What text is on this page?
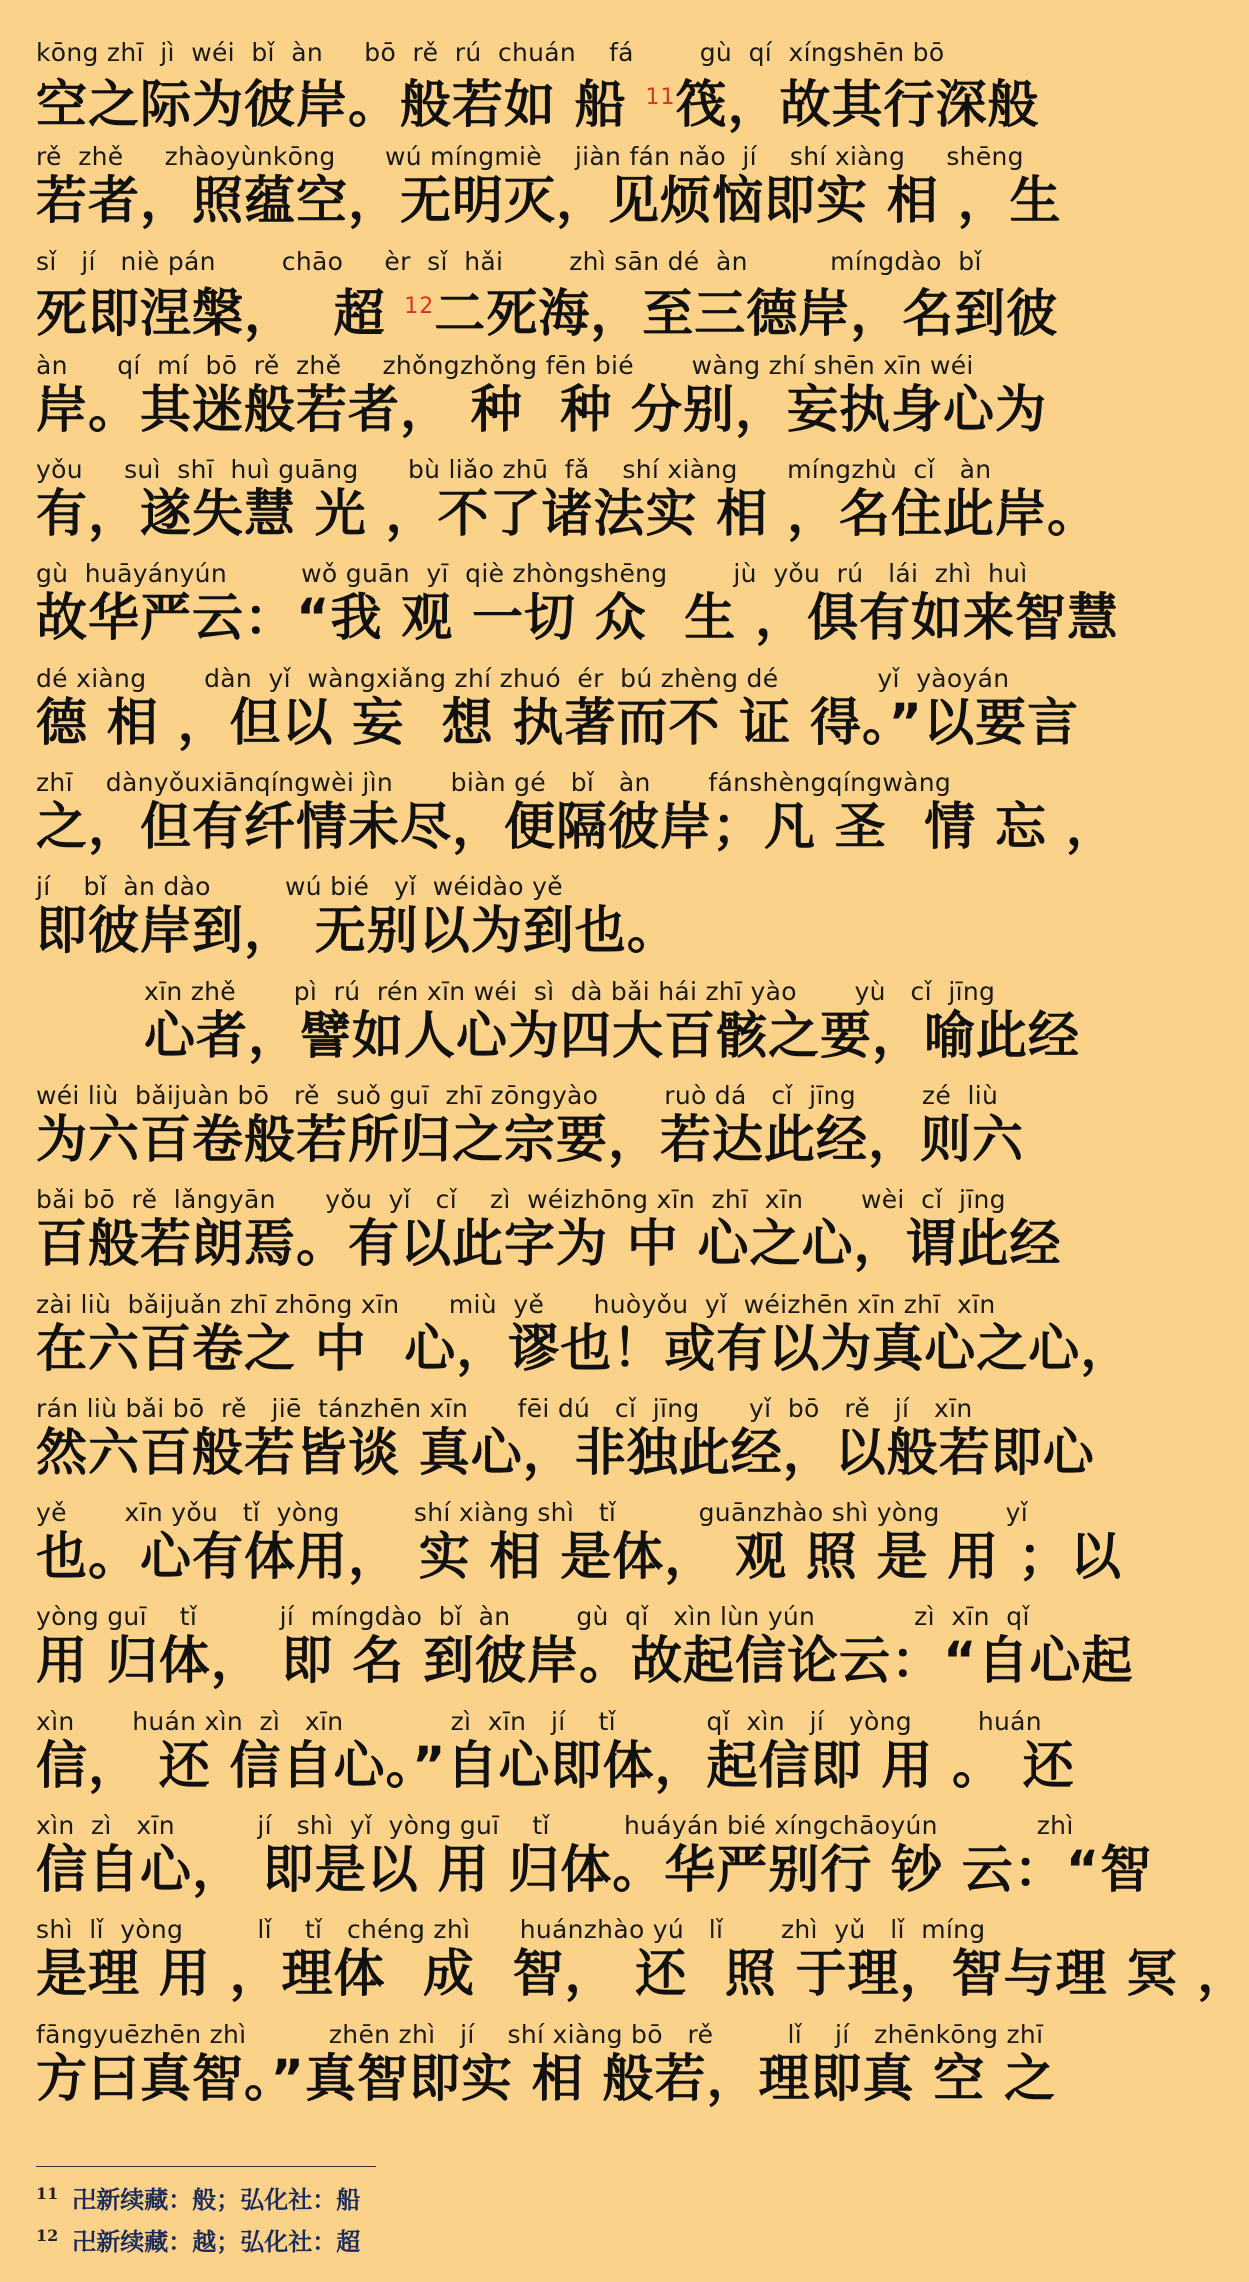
kōng zhī  jì  wéi  bǐ  àn     bō  rě  rú  chuán    fá        gù  qí  xíngshēn bō
空之际为彼岸。般若如 船 $^{11}$筏，故其行深般
rě  zhě     zhàoyùnkōng      wú míngmiè    jiàn fán nǎo  jí    shí xiàng     shēng
若者，照蕴空，无明灭，见烦恼即实 相 ，生
sǐ   jí   niè pán        chāo     èr  sǐ  hǎi        zhì sān dé  àn          míngdào  bǐ
死即涅槃，  超 $^{12}$二死海，至三德岸，名到彼
àn      qí  mí  bō  rě  zhě     zhǒngzhǒng fēn bié       wàng zhí shēn xīn wéi
岸。其迷般若者， 种  种 分别，妄执身心为
yǒu     suì  shī  huì guāng      bù liǎo zhū  fǎ    shí xiàng      míngzhù  cǐ   àn
有，遂失慧 光 ，不了诸法实 相 ，名住此岸。
gù  huāyányún         wǒ guān  yī  qiè zhòngshēng        jù  yǒu  rú   lái  zhì  huì
故华严云：“我 观 一切 众  生 ，俱有如来智慧
dé xiàng       dàn  yǐ  wàngxiǎng zhí zhuó  ér  bú zhèng dé            yǐ  yàoyán
德 相 ，但以 妄  想 执著而不 证 得。”以要言
zhī    dànyǒuxiānqíngwèi jìn       biàn gé   bǐ   àn       fánshèngqíngwàng
之，但有纤情未尽，便隔彼岸；凡 圣  情 忘 ，
jí    bǐ  àn dào         wú bié   yǐ  wéidào yě
即彼岸到， 无别以为到也。
xīn zhě       pì  rú  rén xīn wéi  sì  dà bǎi hái zhī yào       yù   cǐ  jīng
心者，譬如人心为四大百骸之要，喻此经
wéi liù  bǎijuàn bō   rě  suǒ guī  zhī zōngyào        ruò dá   cǐ  jīng        zé  liù
为六百卷般若所归之宗要，若达此经，则六
bǎi bō  rě  lǎngyān      yǒu  yǐ   cǐ    zì  wéizhōng xīn  zhī  xīn       wèi  cǐ  jīng
百般若朗焉。有以此字为 中 心之心，谓此经
zài liù  bǎijuǎn zhī zhōng xīn      miù  yě      huòyǒu  yǐ  wéizhēn xīn zhī  xīn
在六百卷之 中  心，谬也！或有以为真心之心，
rán liù bǎi bō  rě   jiē  tánzhēn xīn      fēi dú   cǐ  jīng      yǐ  bō   rě   jí   xīn
然六百般若皆谈 真心，非独此经，以般若即心
yě       xīn yǒu   tǐ  yòng         shí xiàng shì   tǐ          guānzhào shì yòng        yǐ
也。心有体用， 实 相 是体， 观 照 是 用 ；以
yòng guī    tǐ          jí  míngdào  bǐ  àn        gù  qǐ   xìn lùn yún            zì  xīn  qǐ
用 归体， 即 名 到彼岸。故起信论云：“自心起
xìn       huán xìn  zì   xīn             zì  xīn   jí    tǐ           qǐ  xìn   jí   yòng        huán
信， 还 信自心。”自心即体，起信即 用 。 还
xìn  zì   xīn          jí   shì  yǐ  yòng guī    tǐ         huáyán bié xíngchāoyún            zhì
信自心， 即是以 用 归体。华严别行 钞 云：“智
shì  lǐ  yòng         lǐ    tǐ   chéng zhì      huánzhào yú   lǐ       zhì  yǔ   lǐ  míng
是理 用 ，理体  成  智， 还  照 于理，智与理 冥 ，
fāngyuēzhēn zhì          zhēn zhì   jí    shí xiàng bō   rě         lǐ    jí   zhēnkōng zhī
方曰真智。”真智即实 相 般若，理即真 空 之
$^{11}$ 卍新续藏：般；弘化社：船
$^{12}$ 卍新续藏：越；弘化社：超
